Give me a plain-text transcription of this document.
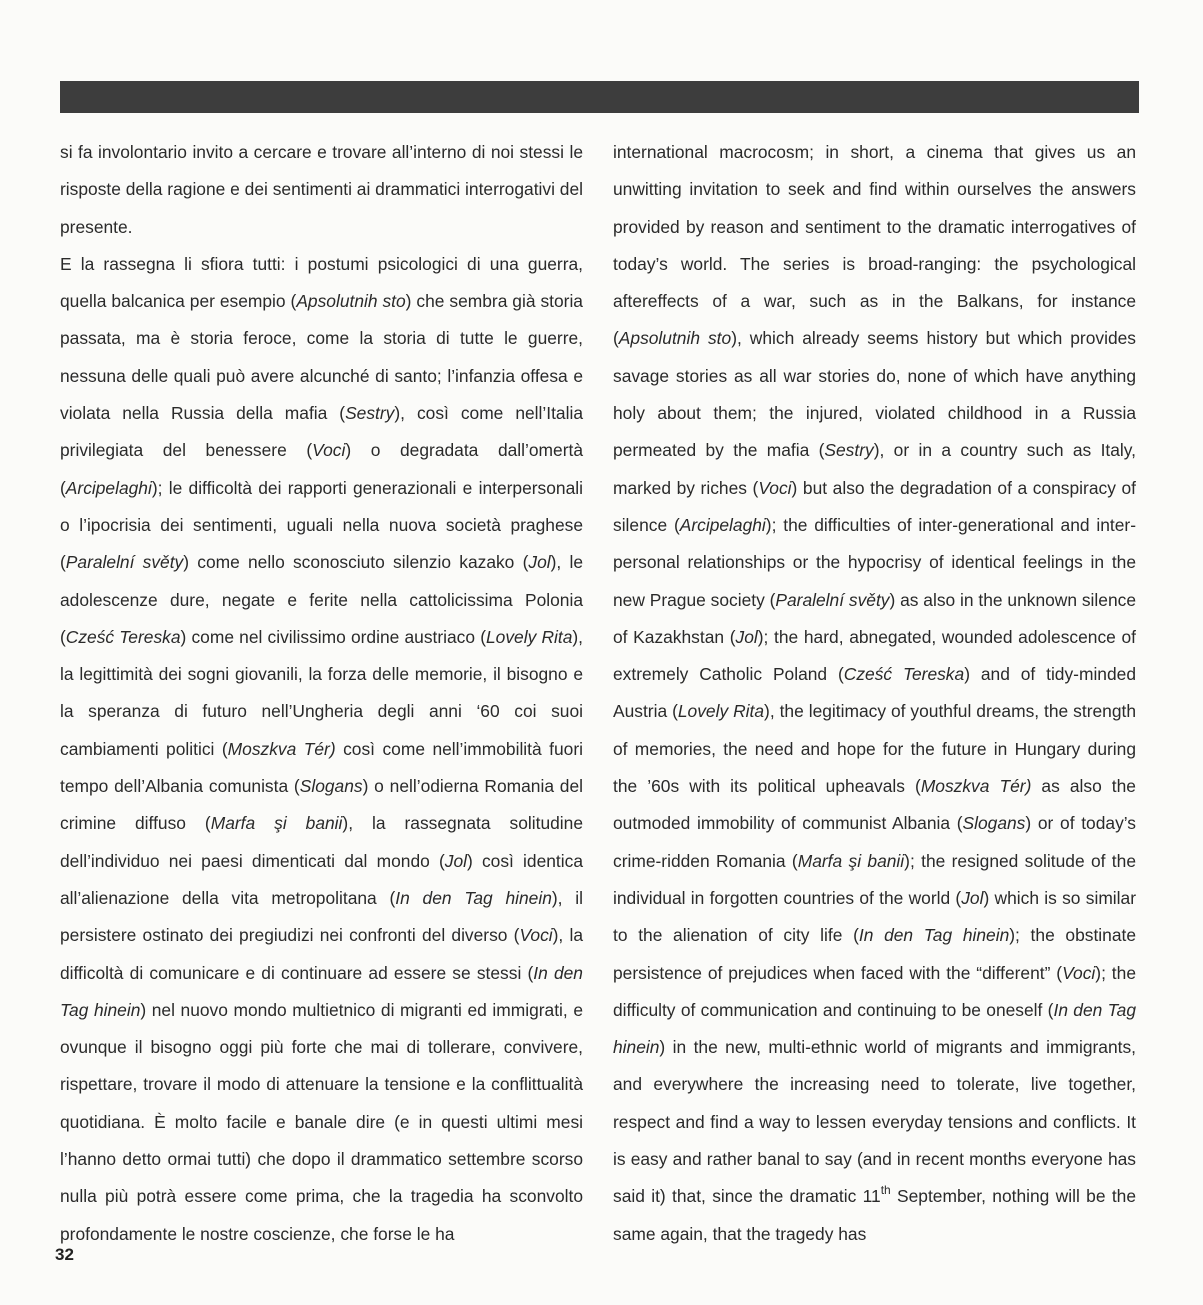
si fa involontario invito a cercare e trovare all’interno di noi stessi le risposte della ragione e dei sentimenti ai drammatici interrogativi del presente.

E la rassegna li sfiora tutti: i postumi psicologici di una guerra, quella balcanica per esempio (Apsolutnih sto) che sembra già storia passata, ma è storia feroce, come la storia di tutte le guerre, nessuna delle quali può avere alcunché di santo; l’infanzia offesa e violata nella Russia della mafia (Sestry), così come nell’Italia privilegiata del benessere (Voci) o degradata dall’omertà (Arcipelaghi); le difficoltà dei rapporti generazionali e interpersonali o l’ipocrisia dei sentimenti, uguali nella nuova società praghese (Paralelní světy) come nello sconosciuto silenzio kazako (Jol), le adolescenze dure, negate e ferite nella cattolicissima Polonia (Cześć Tereska) come nel civilissimo ordine austriaco (Lovely Rita), la legittimità dei sogni giovanili, la forza delle memorie, il bisogno e la speranza di futuro nell’Ungheria degli anni ‘60 coi suoi cambiamenti politici (Moszkva Tér) così come nell’immobilità fuori tempo dell’Albania comunista (Slogans) o nell’odierna Romania del crimine diffuso (Marfa şi banii), la rassegnata solitudine dell’individuo nei paesi dimenticati dal mondo (Jol) così identica all’alienazione della vita metropolitana (In den Tag hinein), il persistere ostinato dei pregiudizi nei confronti del diverso (Voci), la difficoltà di comunicare e di continuare ad essere se stessi (In den Tag hinein) nel nuovo mondo multietnico di migranti ed immigrati, e ovunque il bisogno oggi più forte che mai di tollerare, convivere, rispettare, trovare il modo di attenuare la tensione e la conflittualità quotidiana. È molto facile e banale dire (e in questi ultimi mesi l’hanno detto ormai tutti) che dopo il drammatico settembre scorso nulla più potrà essere come prima, che la tragedia ha sconvolto profondamente le nostre coscienze, che forse le ha

international macrocosm; in short, a cinema that gives us an unwitting invitation to seek and find within ourselves the answers provided by reason and sentiment to the dramatic interrogatives of today’s world. The series is broad-ranging: the psychological aftereffects of a war, such as in the Balkans, for instance (Apsolutnih sto), which already seems history but which provides savage stories as all war stories do, none of which have anything holy about them; the injured, violated childhood in a Russia permeated by the mafia (Sestry), or in a country such as Italy, marked by riches (Voci) but also the degradation of a conspiracy of silence (Arcipelaghi); the difficulties of inter-generational and inter-personal relationships or the hypocrisy of identical feelings in the new Prague society (Paralelní světy) as also in the unknown silence of Kazakhstan (Jol); the hard, abnegated, wounded adolescence of extremely Catholic Poland (Cześć Tereska) and of tidy-minded Austria (Lovely Rita), the legitimacy of youthful dreams, the strength of memories, the need and hope for the future in Hungary during the ’60s with its political upheavals (Moszkva Tér) as also the outmoded immobility of communist Albania (Slogans) or of today’s crime-ridden Romania (Marfa şi banii); the resigned solitude of the individual in forgotten countries of the world (Jol) which is so similar to the alienation of city life (In den Tag hinein); the obstinate persistence of prejudices when faced with the “different” (Voci); the difficulty of communication and continuing to be oneself (In den Tag hinein) in the new, multi-ethnic world of migrants and immigrants, and everywhere the increasing need to tolerate, live together, respect and find a way to lessen everyday tensions and conflicts. It is easy and rather banal to say (and in recent months everyone has said it) that, since the dramatic 11th September, nothing will be the same again, that the tragedy has

32
